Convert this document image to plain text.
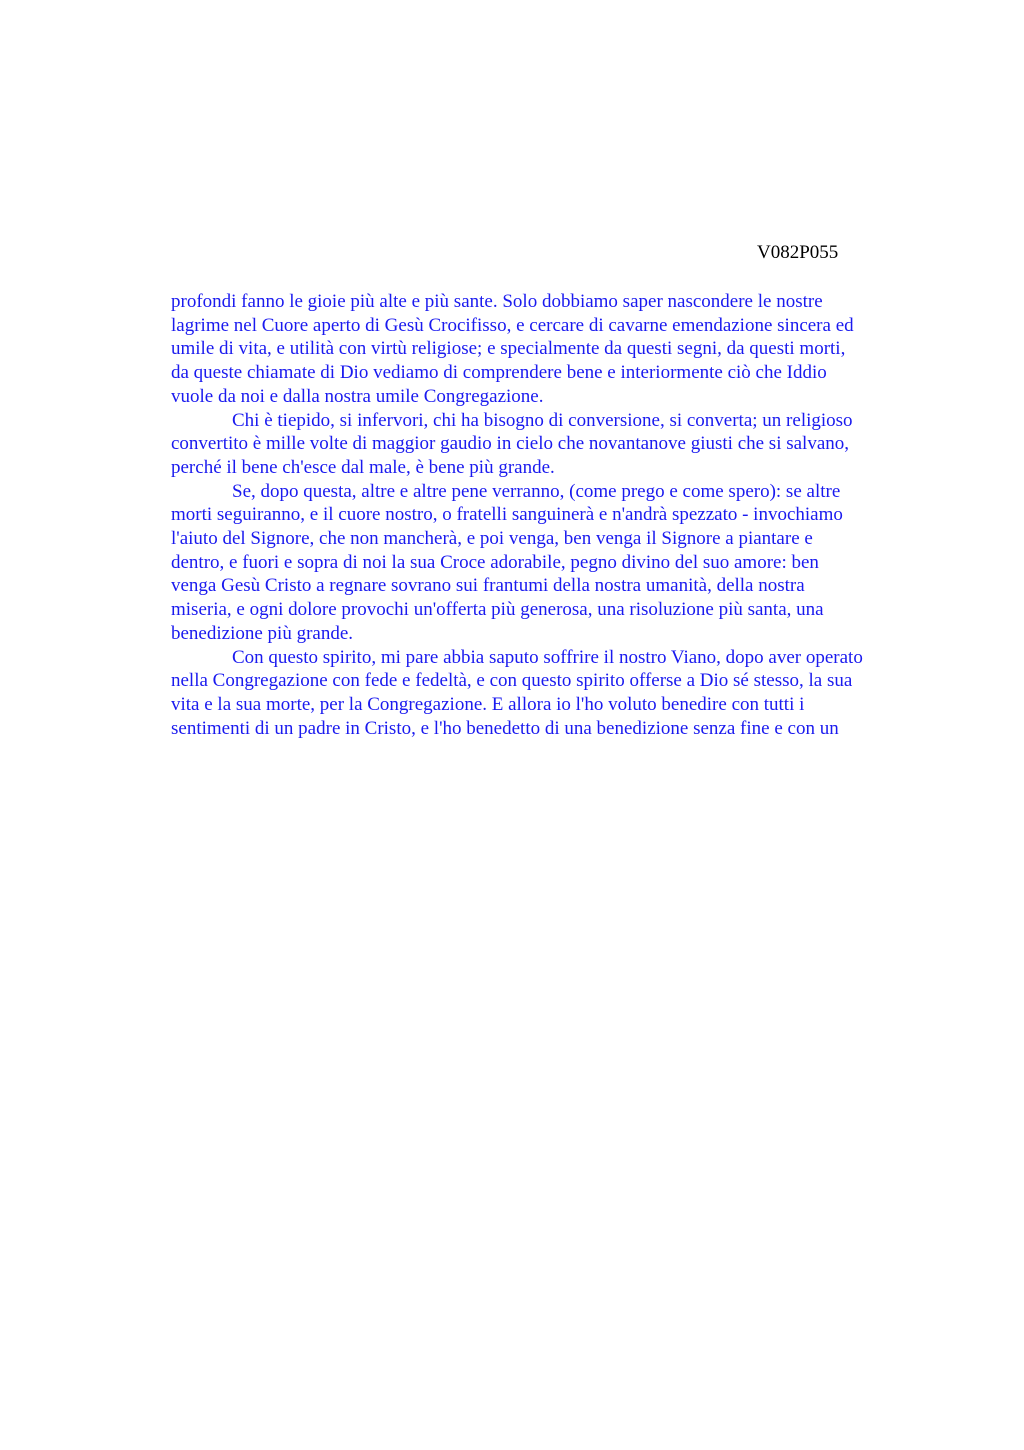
V082P055
profondi fanno le gioie più alte e più sante. Solo dobbiamo saper nascondere le nostre
lagrime nel Cuore aperto di Gesù Crocifisso, e cercare di cavarne emendazione sincera ed
umile di vita, e utilità con virtù religiose; e specialmente da questi segni, da questi morti,
da queste chiamate di Dio vediamo di comprendere bene e interiormente ciò che Iddio
vuole da noi e dalla nostra umile Congregazione.
Chi è tiepido, si infervori, chi ha bisogno di conversione, si converta; un religioso
convertito è mille volte di maggior gaudio in cielo che novantanove giusti che si salvano,
perché il bene ch'esce dal male, è bene più grande.
Se, dopo questa, altre e altre pene verranno, (come prego e come spero): se altre
morti seguiranno, e il cuore nostro, o fratelli sanguinerà e n'andrà spezzato - invochiamo
l'aiuto del Signore, che non mancherà, e poi venga, ben venga il Signore a piantare e
dentro, e fuori e sopra di noi la sua Croce adorabile, pegno divino del suo amore: ben
venga Gesù Cristo a regnare sovrano sui frantumi della nostra umanità, della nostra
miseria, e ogni dolore provochi un'offerta più generosa, una risoluzione più santa, una
benedizione più grande.
Con questo spirito, mi pare abbia saputo soffrire il nostro Viano, dopo aver operato
nella Congregazione con fede e fedeltà, e con questo spirito offerse a Dio sé stesso, la sua
vita e la sua morte, per la Congregazione. E allora io l'ho voluto benedire con tutti i
sentimenti di un padre in Cristo, e l'ho benedetto di una benedizione senza fine e con un
